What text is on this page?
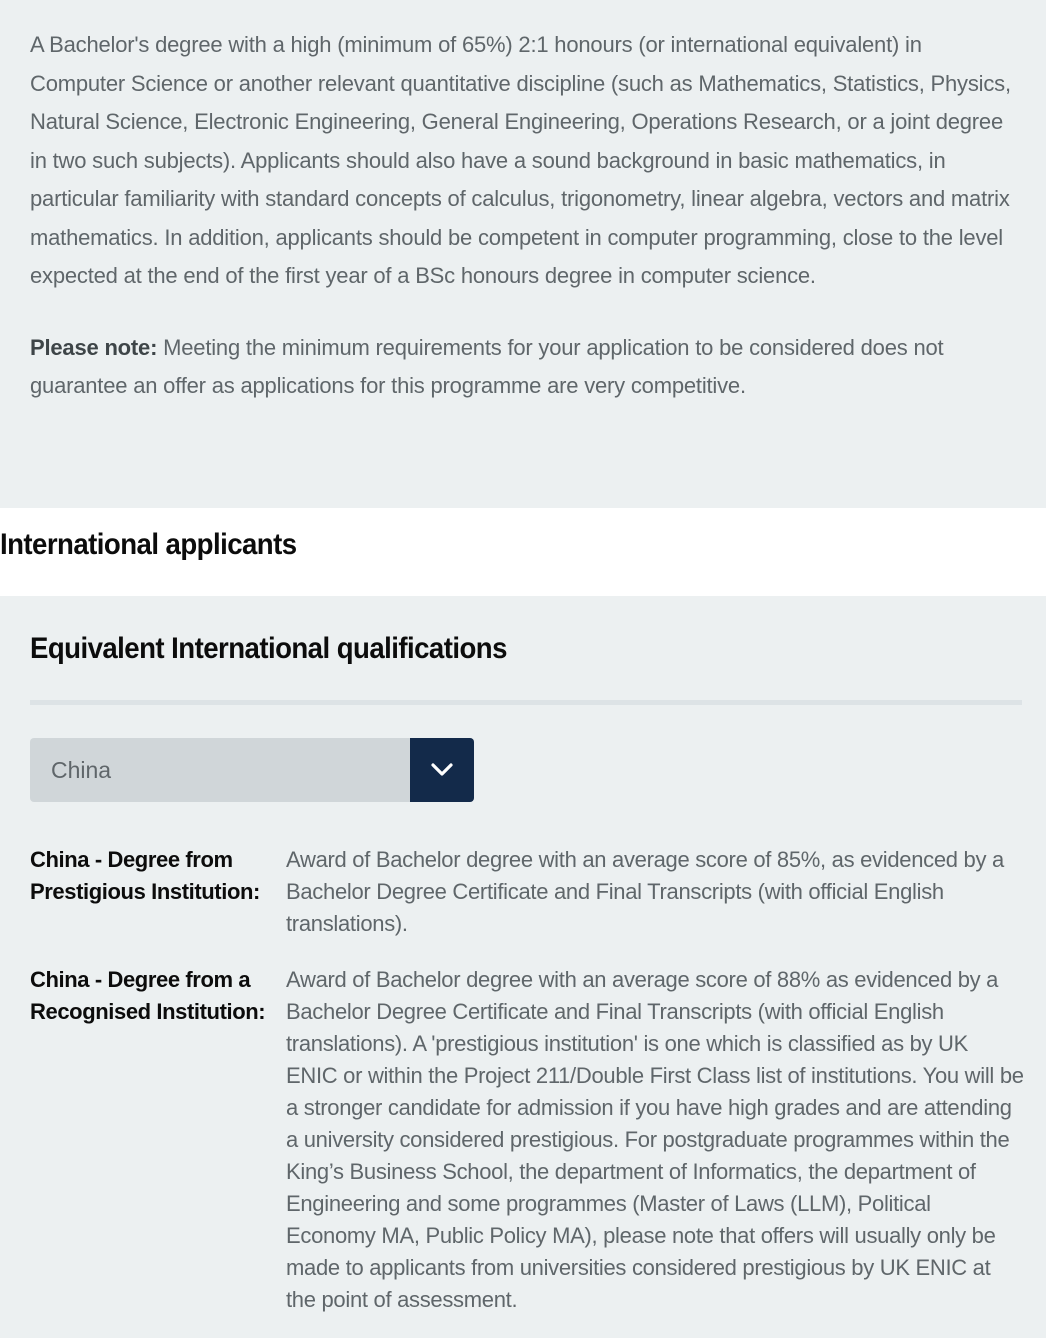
A Bachelor's degree with a high (minimum of 65%) 2:1 honours (or international equivalent) in Computer Science or another relevant quantitative discipline (such as Mathematics, Statistics, Physics, Natural Science, Electronic Engineering, General Engineering, Operations Research, or a joint degree in two such subjects). Applicants should also have a sound background in basic mathematics, in particular familiarity with standard concepts of calculus, trigonometry, linear algebra, vectors and matrix mathematics. In addition, applicants should be competent in computer programming, close to the level expected at the end of the first year of a BSc honours degree in computer science.

Please note: Meeting the minimum requirements for your application to be considered does not guarantee an offer as applications for this programme are very competitive.

International applicants
Equivalent International qualifications
China
China - Degree from Prestigious Institution:
Award of Bachelor degree with an average score of 85%, as evidenced by a Bachelor Degree Certificate and Final Transcripts (with official English translations).
China - Degree from a Recognised Institution:
Award of Bachelor degree with an average score of 88% as evidenced by a Bachelor Degree Certificate and Final Transcripts (with official English translations). A 'prestigious institution' is one which is classified as by UK ENIC or within the Project 211/Double First Class list of institutions. You will be a stronger candidate for admission if you have high grades and are attending a university considered prestigious. For postgraduate programmes within the King’s Business School, the department of Informatics, the department of Engineering and some programmes (Master of Laws (LLM), Political Economy MA, Public Policy MA), please note that offers will usually only be made to applicants from universities considered prestigious by UK ENIC at the point of assessment.
